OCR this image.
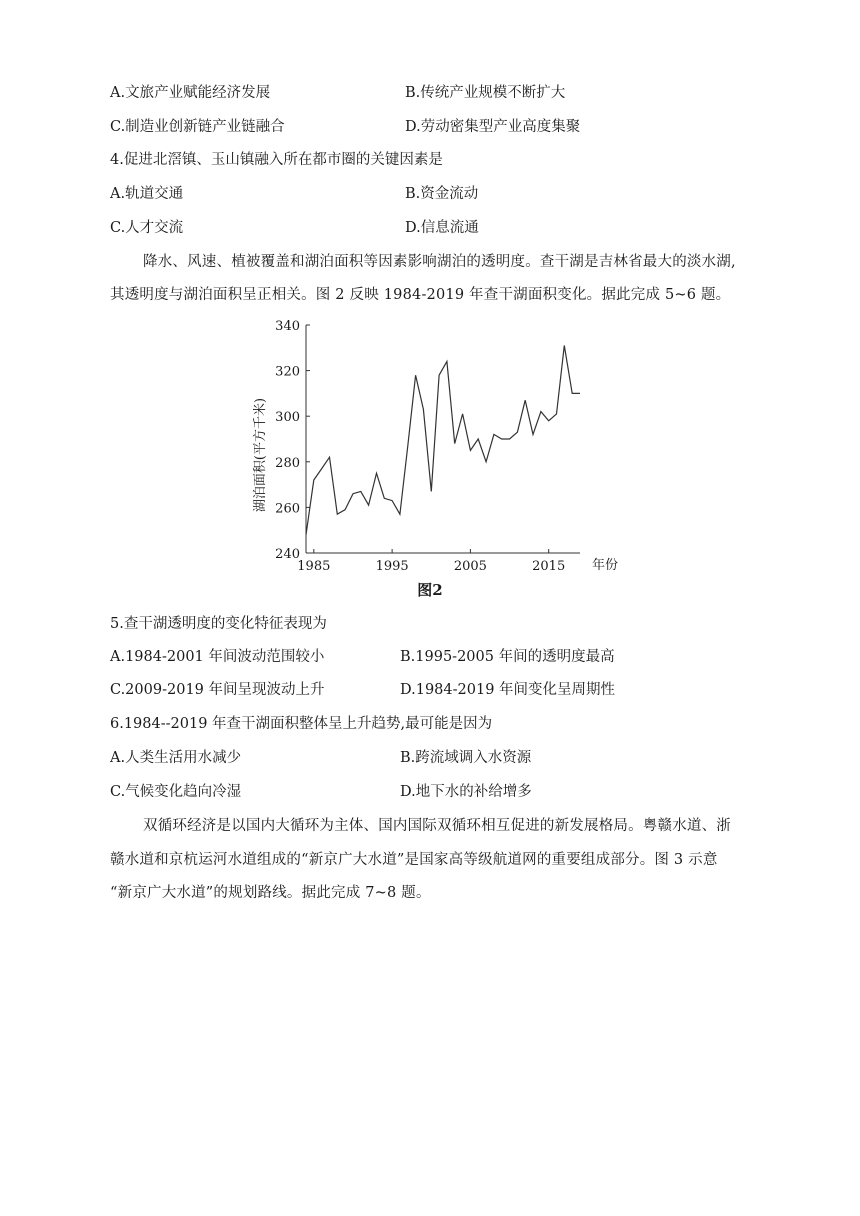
A.文旅产业赋能经济发展	B.传统产业规模不断扩大
C.制造业创新链产业链融合	D.劳动密集型产业高度集聚
4.促进北滘镇、玉山镇融入所在都市圈的关键因素是
A.轨道交通	B.资金流动
C.人才交流	D.信息流通
降水、风速、植被覆盖和湖泊面积等因素影响湖泊的透明度。查干湖是吉林省最大的淡水湖,
其透明度与湖泊面积呈正相关。图 2 反映 1984-2019 年查干湖面积变化。据此完成 5~6 题。
240
260
280
300
320
340
1985	1995	2005	2015
湖泊面积(平方千米)
年份
图2
5.查干湖透明度的变化特征表现为
A.1984-2001 年间波动范围较小	B.1995-2005 年间的透明度最高
C.2009-2019 年间呈现波动上升	D.1984-2019 年间变化呈周期性
6.1984--2019 年查干湖面积整体呈上升趋势,最可能是因为
A.人类生活用水减少	B.跨流域调入水资源
C.气候变化趋向冷湿	D.地下水的补给增多
双循环经济是以国内大循环为主体、国内国际双循环相互促进的新发展格局。粤赣水道、浙
赣水道和京杭运河水道组成的“新京广大水道”是国家高等级航道网的重要组成部分。图 3 示意
“新京广大水道”的规划路线。据此完成 7~8 题。
